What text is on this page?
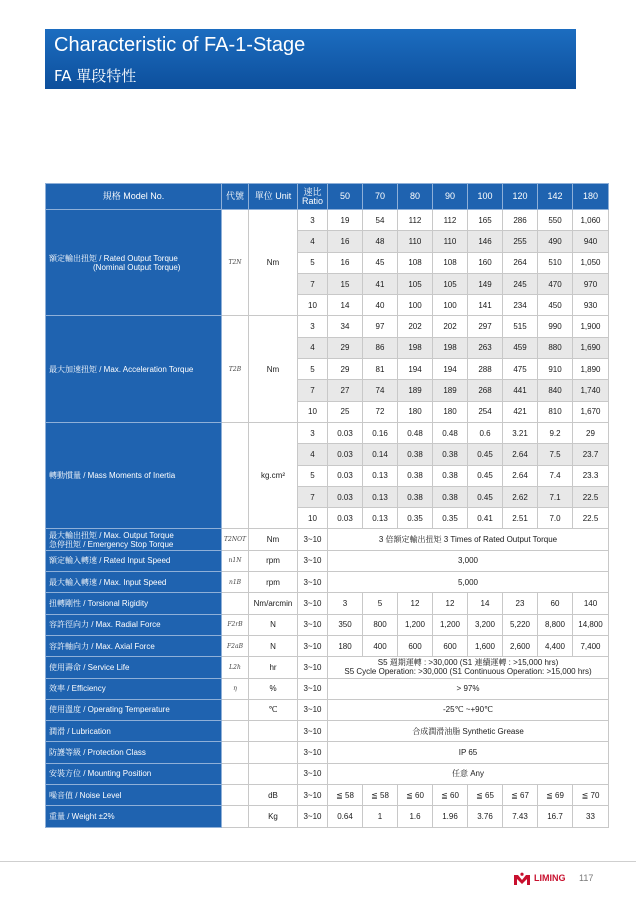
Characteristic of FA-1-Stage
FA 單段特性
規格 Model No.	代號	單位 Unit	速比 Ratio	50	70	80	90	100	120	142	180

額定輸出扭矩 / Rated Output Torque
(Nominal Output Torque)	T2N	Nm	3	19	54	112	112	165	286	550	1,060
			4	16	48	110	110	146	255	490	940
			5	16	45	108	108	160	264	510	1,050
			7	15	41	105	105	149	245	470	970
			10	14	40	100	100	141	234	450	930

最大加速扭矩 / Max. Acceleration Torque	T2B	Nm	3	34	97	202	202	297	515	990	1,900
			4	29	86	198	198	263	459	880	1,690
			5	29	81	194	194	288	475	910	1,890
			7	27	74	189	189	268	441	840	1,740
			10	25	72	180	180	254	421	810	1,670

轉動慣量 / Mass Moments of Inertia		kg.cm²	3	0.03	0.16	0.48	0.48	0.6	3.21	9.2	29
			4	0.03	0.14	0.38	0.38	0.45	2.64	7.5	23.7
			5	0.03	0.13	0.38	0.38	0.45	2.64	7.4	23.3
			7	0.03	0.13	0.38	0.38	0.45	2.62	7.1	22.5
			10	0.03	0.13	0.35	0.35	0.41	2.51	7.0	22.5

最大輸出扭矩 / Max. Output Torque
急停扭矩 / Emergency Stop Torque	T2NOT	Nm	3~10	3 倍額定輸出扭矩 3 Times of Rated Output Torque							

額定輸入轉速 / Rated Input Speed	n1N	rpm	3~10	3,000							

最大輸入轉速 / Max. Input Speed	n1B	rpm	3~10	5,000							

扭轉剛性 / Torsional Rigidity		Nm/arcmin	3~10	3	5	12	12	14	23	60	140

容許徑向力 / Max. Radial Force	F2rB	N	3~10	350	800	1,200	1,200	3,200	5,220	8,800	14,800

容許軸向力 / Max. Axial Force	F2aB	N	3~10	180	400	600	600	1,600	2,600	4,400	7,400

使用壽命 / Service Life	L2h	hr	3~10	S5 週期運轉 : >30,000 (S1 連續運轉 : >15,000 hrs)
S5 Cycle Operation: >30,000 (S1 Continuous Operation: >15,000 hrs)							

效率 / Efficiency	η	%	3~10	> 97%							

使用溫度 / Operating Temperature		℃	3~10	-25℃ ~+90℃							

潤滑 / Lubrication			3~10	合成潤滑油脂 Synthetic Grease							

防護等級 / Protection Class			3~10	IP 65							

安裝方位 / Mounting Position			3~10	任意 Any							

噪音值 / Noise Level		dB	3~10	≦ 58	≦ 58	≦ 60	≦ 60	≦ 65	≦ 67	≦ 69	≦ 70

重量 / Weight ±2%		Kg	3~10	0.64	1	1.6	1.96	3.76	7.43	16.7	33
LIMING 117
